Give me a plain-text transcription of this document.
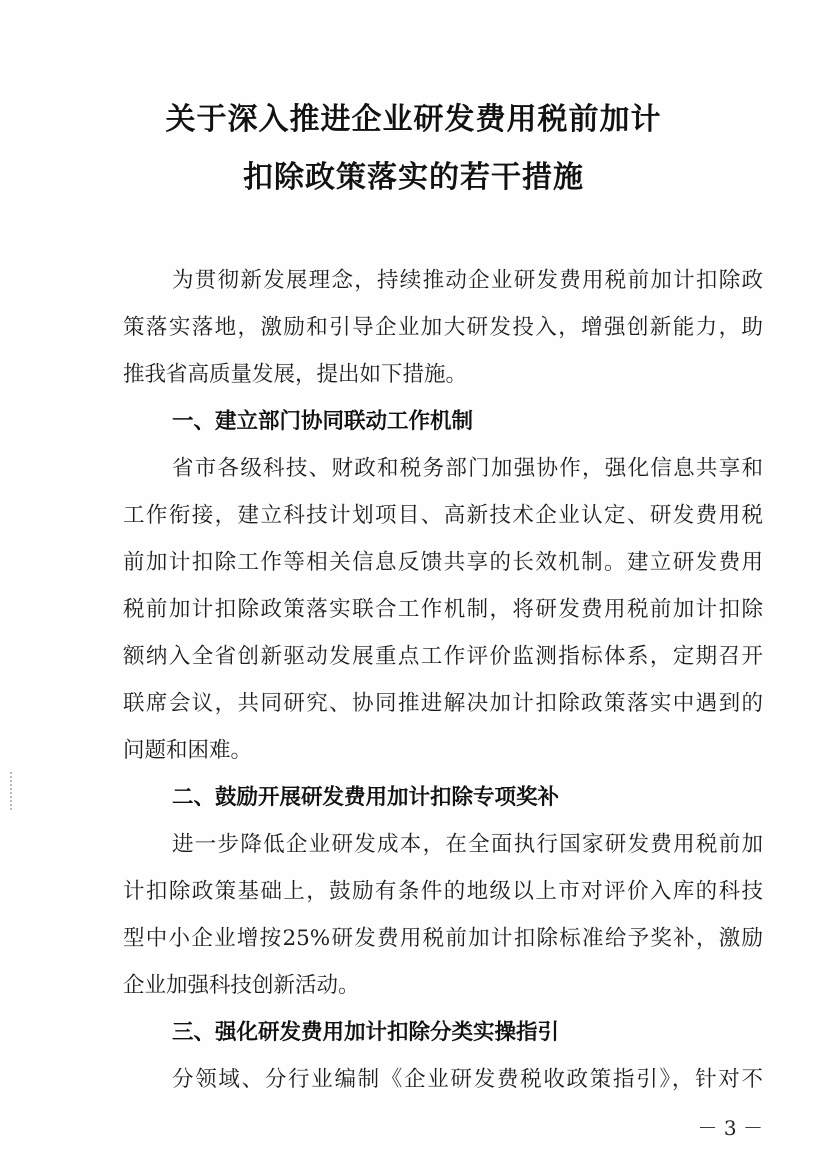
关于深入推进企业研发费用税前加计
扣除政策落实的若干措施
为贯彻新发展理念，持续推动企业研发费用税前加计扣除政
策落实落地，激励和引导企业加大研发投入，增强创新能力，助
推我省高质量发展，提出如下措施。
一、建立部门协同联动工作机制
省市各级科技、财政和税务部门加强协作，强化信息共享和
工作衔接，建立科技计划项目、高新技术企业认定、研发费用税
前加计扣除工作等相关信息反馈共享的长效机制。建立研发费用
税前加计扣除政策落实联合工作机制，将研发费用税前加计扣除
额纳入全省创新驱动发展重点工作评价监测指标体系，定期召开
联席会议，共同研究、协同推进解决加计扣除政策落实中遇到的
问题和困难。
二、鼓励开展研发费用加计扣除专项奖补
进一步降低企业研发成本，在全面执行国家研发费用税前加
计扣除政策基础上，鼓励有条件的地级以上市对评价入库的科技
型中小企业增按25%研发费用税前加计扣除标准给予奖补，激励
企业加强科技创新活动。
三、强化研发费用加计扣除分类实操指引
分领域、分行业编制《企业研发费税收政策指引》，针对不
－ 3 －
